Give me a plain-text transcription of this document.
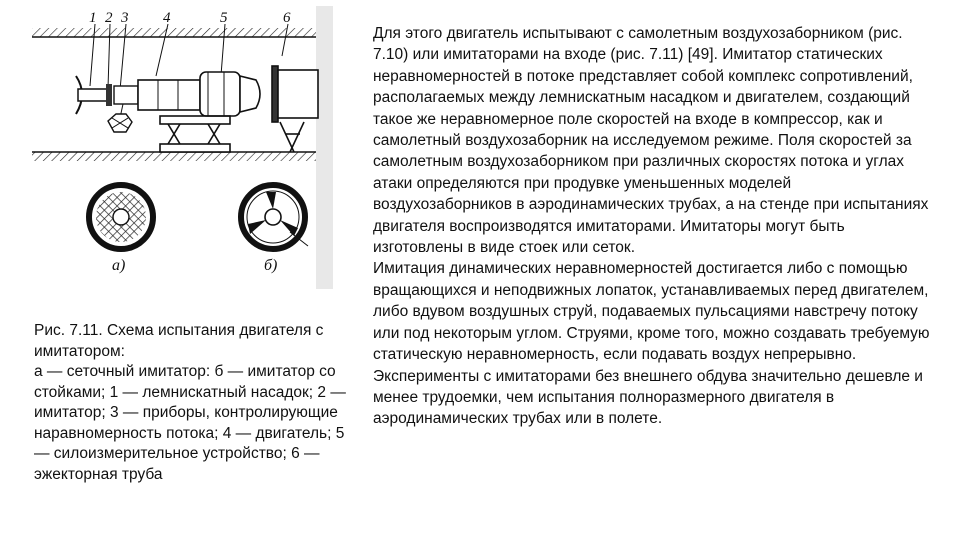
1 2 3 4	5	6
а)	б)

Рис. 7.11. Схема испытания двигателя с имитатором:

а — сеточный имитатор: б — имитатор со стойками; 1 — лемнискатный насадок; 2 — имитатор; 3 — приборы, контролирующие наравномерность потока; 4 — двигатель; 5 — силоизмерительное устройство; 6 — эжекторная труба

Для этого двигатель испытывают с самолетным воздухозаборником (рис. 7.10) или имитаторами на входе (рис. 7.11) [49]. Имитатор статических неравномерностей в потоке представляет собой комплекс сопротивлений, располагаемых между лемнискатным насадком и двигателем, создающий такое же неравномерное поле скоростей на входе в компрессор, как и самолетный воздухозаборник на исследуемом режиме. Поля скоростей за самолетным воздухозаборником при различных скоростях потока и углах атаки определяются при продувке уменьшенных моделей воздухозаборников в аэродинамических трубах, а на стенде при испытаниях двигателя воспроизводятся имитаторами. Имитаторы могут быть изготовлены в виде стоек или сеток.

Имитация динамических неравномерностей достигается либо с помощью вращающихся и неподвижных лопаток, устанавливаемых перед двигателем, либо вдувом воздушных струй, подаваемых пульсациями навстречу потоку или под некоторым углом. Струями, кроме того, можно создавать требуемую статическую неравномерность, если подавать воздух непрерывно.

Эксперименты с имитаторами без внешнего обдува значительно дешевле и менее трудоемки, чем испытания полноразмерного двигателя в аэродинамических трубах или в полете.
